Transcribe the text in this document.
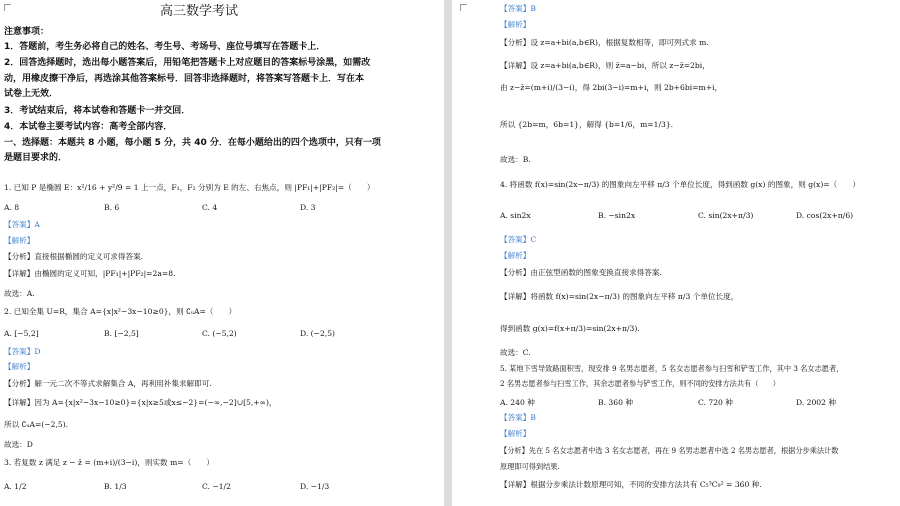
高三数学考试
注意事项：
1．答题前，考生务必将自己的姓名、考生号、考场号、座位号填写在答题卡上．
2．回答选择题时，选出每小题答案后，用铅笔把答题卡上对应题目的答案标号涂黑，如需改
动，用橡皮擦干净后，再选涂其他答案标号．回答非选择题时，将答案写答题卡上．写在本
试卷上无效．
3．考试结束后，将本试卷和答题卡一并交回．
4．本试卷主要考试内容：高考全部内容．
一、选择题：本题共 8 小题，每小题 5 分，共 40 分．在每小题给出的四个选项中，只有一项
是题目要求的．
1. 已知 P 是椭圆 E：x²/16 + y²/9 = 1 上一点，F₁，F₂ 分别为 E 的左、右焦点，则 |PF₁|+|PF₂|=（　　）
A. 8	B. 6	C. 4	D. 3
【答案】A
【解析】
【分析】直接根据椭圆的定义可求得答案.
【详解】由椭圆的定义可知，|PF₁|+|PF₂|=2a=8.
故选：A.
2. 已知全集 U=R，集合 A={x|x²−3x−10≥0}，则 ∁ᵤA=（　　）
A. [−5,2]	B. [−2,5]	C. (−5,2)	D. (−2,5)
【答案】D
【解析】
【分析】解一元二次不等式求解集合 A，再利用补集求解即可.
【详解】因为 A={x|x²−3x−10≥0}={x|x≥5或x≤−2}=(−∞,−2]∪[5,+∞)，
所以 ∁ᵤA=(−2,5).
故选：D
3. 若复数 z 满足 z − z̄ = (m+i)/(3−i)，则实数 m=（　　）
A. 1/2	B. 1/3	C. −1/2	D. −1/3
【答案】B
【解析】
【分析】设 z=a+bi(a,b∈R)，根据复数相等，即可列式求 m.
【详解】设 z=a+bi(a,b∈R)，则 z̄=a−bi，所以 z−z̄=2bi，
由 z−z̄=(m+i)/(3−i)，得 2bi(3−i)=m+i，则 2b+6bi=m+i，
所以 {2b=m，6b=1}，解得 {b=1/6，m=1/3}.
故选：B.
4. 将函数 f(x)=sin(2x−π/3) 的图象向左平移 π/3 个单位长度，得到函数 g(x) 的图象，则 g(x)=（　　）
A. sin2x	B. −sin2x	C. sin(2x+π/3)	D. cos(2x+π/6)
【答案】C
【解析】
【分析】由正弦型函数的图象变换直接求得答案.
【详解】将函数 f(x)=sin(2x−π/3) 的图象向左平移 π/3 个单位长度，
得到函数 g(x)=f(x+π/3)=sin(2x+π/3).
故选：C.
5. 某地下雪导致路面积雪，现安排 9 名男志愿者，5 名女志愿者参与扫雪和铲雪工作，其中 3 名女志愿者，
2 名男志愿者参与扫雪工作，其余志愿者参与铲雪工作，则不同的安排方法共有（　　）
A. 240 种	B. 360 种	C. 720 种	D. 2002 种
【答案】B
【解析】
【分析】先在 5 名女志愿者中选 3 名女志愿者，再在 9 名男志愿者中选 2 名男志愿者，根据分步乘法计数
原理即可得到结果.
【详解】根据分步乘法计数原理可知，不同的安排方法共有 C₅³C₉² = 360 种.
